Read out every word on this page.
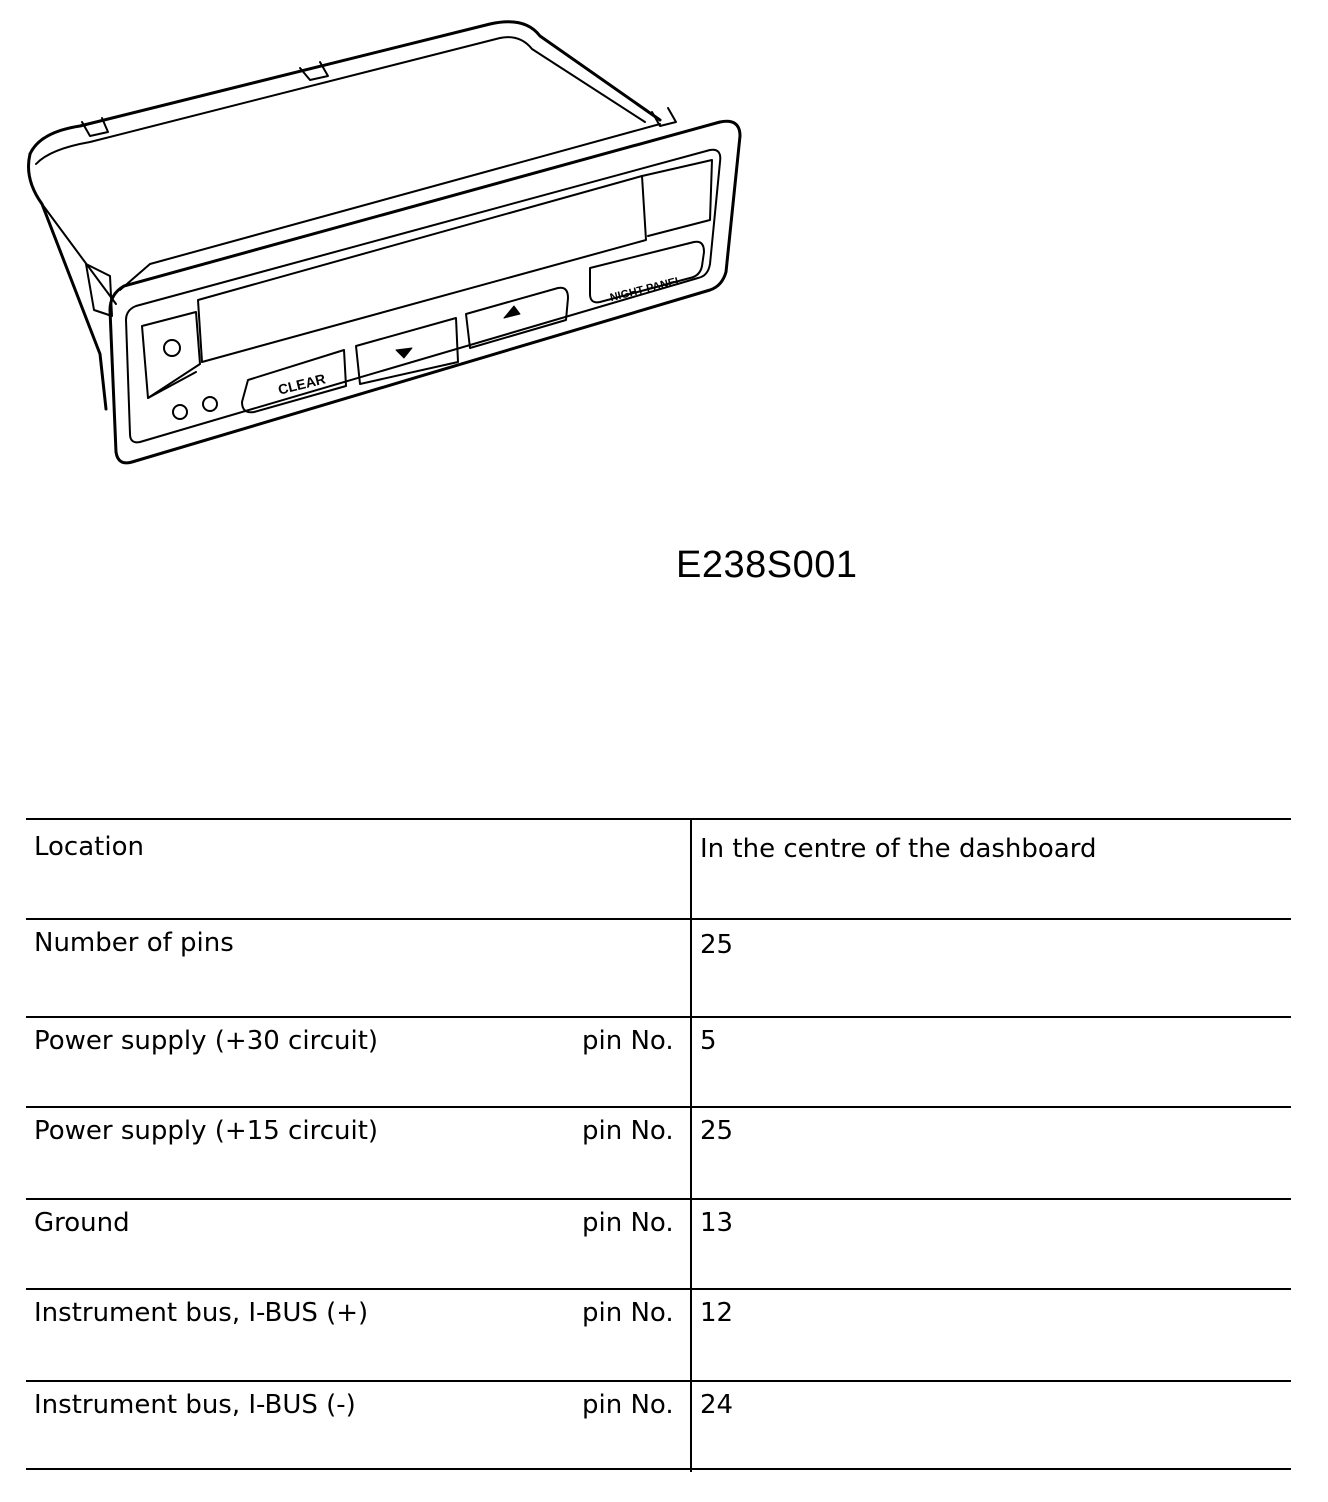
CLEAR
NIGHT PANEL
E238S001
Location	In the centre of the dashboard
Number of pins	25
Power supply (+30 circuit)	pin No. 5
Power supply (+15 circuit)	pin No. 25
Ground	pin No. 13
Instrument bus, I-BUS (+)	pin No. 12
Instrument bus, I-BUS (-)	pin No. 24
